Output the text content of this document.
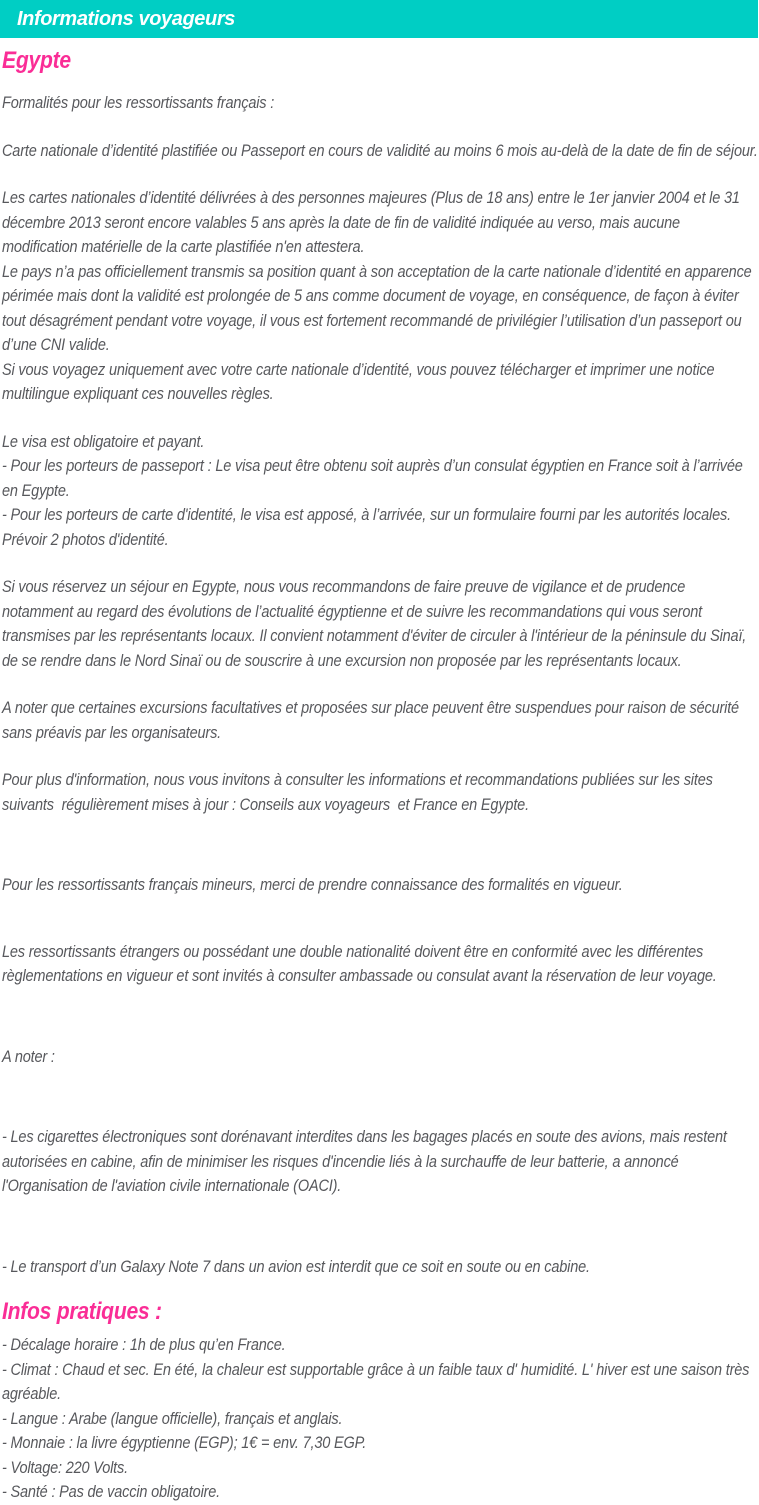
Informations voyageurs
Egypte

Formalités pour les ressortissants français :

Carte nationale d’identité plastifiée ou Passeport en cours de validité au moins 6 mois au-delà de la date de fin de séjour.

Les cartes nationales d’identité délivrées à des personnes majeures (Plus de 18 ans) entre le 1er janvier 2004 et le 31 décembre 2013 seront encore valables 5 ans après la date de fin de validité indiquée au verso, mais aucune modification matérielle de la carte plastifiée n'en attestera.

Le pays n’a pas officiellement transmis sa position quant à son acceptation de la carte nationale d’identité en apparence périmée mais dont la validité est prolongée de 5 ans comme document de voyage, en conséquence, de façon à éviter tout désagrément pendant votre voyage, il vous est fortement recommandé de privilégier l’utilisation d’un passeport ou d’une CNI valide.

Si vous voyagez uniquement avec votre carte nationale d’identité, vous pouvez télécharger et imprimer une notice multilingue expliquant ces nouvelles règles.

Le visa est obligatoire et payant.

- Pour les porteurs de passeport : Le visa peut être obtenu soit auprès d’un consulat égyptien en France soit à l’arrivée en Egypte.

- Pour les porteurs de carte d'identité, le visa est apposé, à l’arrivée, sur un formulaire fourni par les autorités locales. Prévoir 2 photos d'identité.

Si vous réservez un séjour en Egypte, nous vous recommandons de faire preuve de vigilance et de prudence notamment au regard des évolutions de l’actualité égyptienne et de suivre les recommandations qui vous seront transmises par les représentants locaux. Il convient notamment d'éviter de circuler à l'intérieur de la péninsule du Sinaï, de se rendre dans le Nord Sinaï ou de souscrire à une excursion non proposée par les représentants locaux.

A noter que certaines excursions facultatives et proposées sur place peuvent être suspendues pour raison de sécurité sans préavis par les organisateurs.

Pour plus d'information, nous vous invitons à consulter les informations et recommandations publiées sur les sites suivants  régulièrement mises à jour : Conseils aux voyageurs  et France en Egypte.

Pour les ressortissants français mineurs, merci de prendre connaissance des formalités en vigueur.

Les ressortissants étrangers ou possédant une double nationalité doivent être en conformité avec les différentes règlementations en vigueur et sont invités à consulter ambassade ou consulat avant la réservation de leur voyage.

A noter :

- Les cigarettes électroniques sont dorénavant interdites dans les bagages placés en soute des avions, mais restent autorisées en cabine, afin de minimiser les risques d'incendie liés à la surchauffe de leur batterie, a annoncé l'Organisation de l'aviation civile internationale (OACI).

- Le transport d’un Galaxy Note 7 dans un avion est interdit que ce soit en soute ou en cabine.

Infos pratiques :

- Décalage horaire : 1h de plus qu’en France.

- Climat : Chaud et sec. En été, la chaleur est supportable grâce à un faible taux d' humidité. L' hiver est une saison très agréable.

- Langue : Arabe (langue officielle), français et anglais.

- Monnaie : la livre égyptienne (EGP); 1€ = env. 7,30 EGP.

- Voltage: 220 Volts.

- Santé : Pas de vaccin obligatoire.
